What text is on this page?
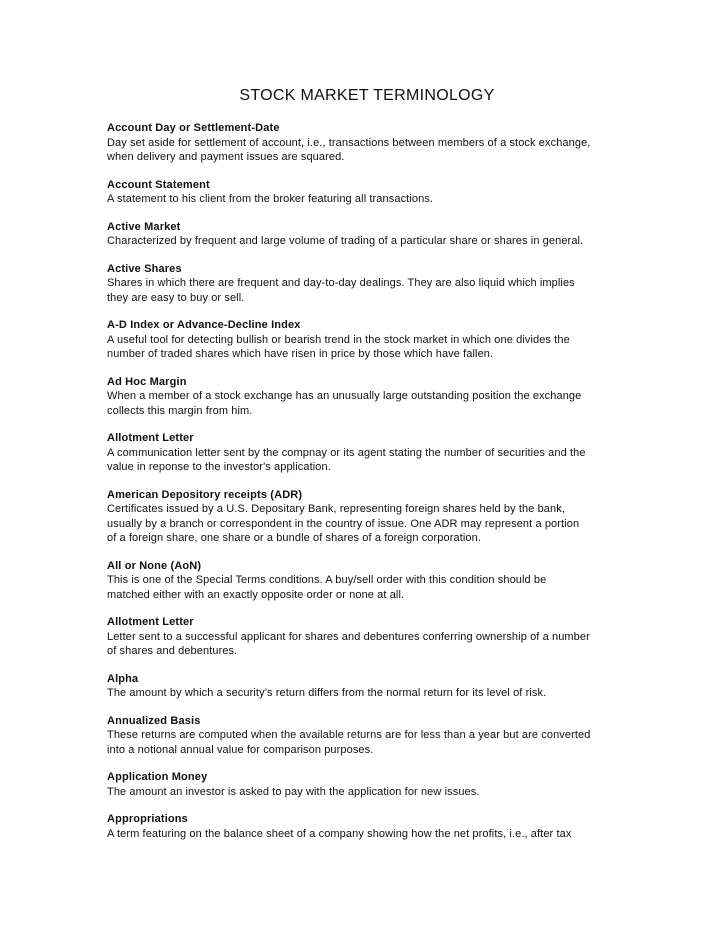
STOCK MARKET TERMINOLOGY
Account Day or Settlement-Date
Day set aside for settlement of account, i.e., transactions between members of a stock exchange,
when delivery and payment issues are squared.
Account Statement
A statement to his client from the broker featuring all transactions.
Active Market
Characterized by frequent and large volume of trading of a particular share or shares in general.
Active Shares
Shares in which there are frequent and day-to-day dealings. They are also liquid which implies
they are easy to buy or sell.
A-D Index or Advance-Decline Index
A useful tool for detecting bullish or bearish trend in the stock market in which one divides the
number of traded shares which have risen in price by those which have fallen.
Ad Hoc Margin
When a member of a stock exchange has an unusually large outstanding position the exchange
collects this margin from him.
Allotment Letter
A communication letter sent by the compnay or its agent stating the number of securities and the
value in reponse to the investor's application.
American Depository receipts (ADR)
Certificates issued by a U.S. Depositary Bank, representing foreign shares held by the bank,
usually by a branch or correspondent in the country of issue. One ADR may represent a portion
of a foreign share, one share or a bundle of shares of a foreign corporation.
All or None (AoN)
This is one of the Special Terms conditions. A buy/sell order with this condition should be
matched either with an exactly opposite order or none at all.
Allotment Letter
Letter sent to a successful applicant for shares and debentures conferring ownership of a number
of shares and debentures.
Alpha
The amount by which a security’s return differs from the normal return for its level of risk.
Annualized Basis
These returns are computed when the available returns are for less than a year but are converted
into a notional annual value for comparison purposes.
Application Money
The amount an investor is asked to pay with the application for new issues.
Appropriations
A term featuring on the balance sheet of a company showing how the net profits, i.e., after tax
